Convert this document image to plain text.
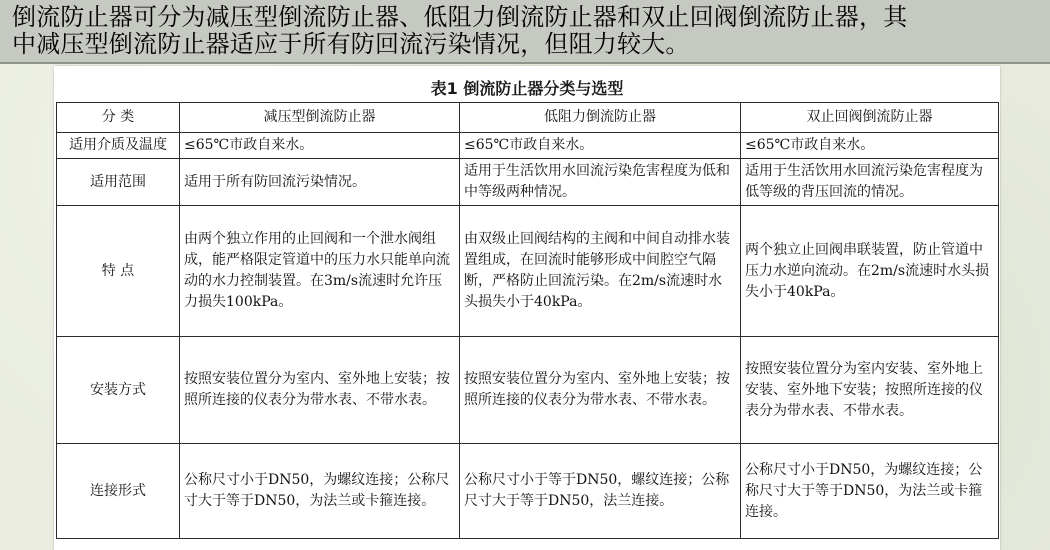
倒流防止器可分为减压型倒流防止器、低阻力倒流防止器和双止回阀倒流防止器，其

中减压型倒流防止器适应于所有防回流污染情况，但阻力较大。

表1 倒流防止器分类与选型
分 类	减压型倒流防止器	低阻力倒流防止器	双止回阀倒流防止器
适用介质及温度	≤65℃市政自来水。	≤65℃市政自来水。	≤65℃市政自来水。
适用范围	适用于所有防回流污染情况。	适用于生活饮用水回流污染危害程度为低和中等级两种情况。	适用于生活饮用水回流污染危害程度为低等级的背压回流的情况。
特 点	由两个独立作用的止回阀和一个泄水阀组成，能严格限定管道中的压力水只能单向流动的水力控制装置。在3m/s流速时允许压力损失100kPa。	由双级止回阀结构的主阀和中间自动排水装置组成，在回流时能够形成中间腔空气隔断，严格防止回流污染。在2m/s流速时水头损失小于40kPa。	两个独立止回阀串联装置，防止管道中压力水逆向流动。在2m/s流速时水头损失小于40kPa。
安装方式	按照安装位置分为室内、室外地上安装；按照所连接的仪表分为带水表、不带水表。	按照安装位置分为室内、室外地上安装；按照所连接的仪表分为带水表、不带水表。	按照安装位置分为室内安装、室外地上安装、室外地下安装；按照所连接的仪表分为带水表、不带水表。
连接形式	公称尺寸小于DN50，为螺纹连接；公称尺寸大于等于DN50，为法兰或卡箍连接。	公称尺寸小于等于DN50，螺纹连接；公称尺寸大于等于DN50，法兰连接。	公称尺寸小于DN50，为螺纹连接；公称尺寸大于等于DN50，为法兰或卡箍连接。
